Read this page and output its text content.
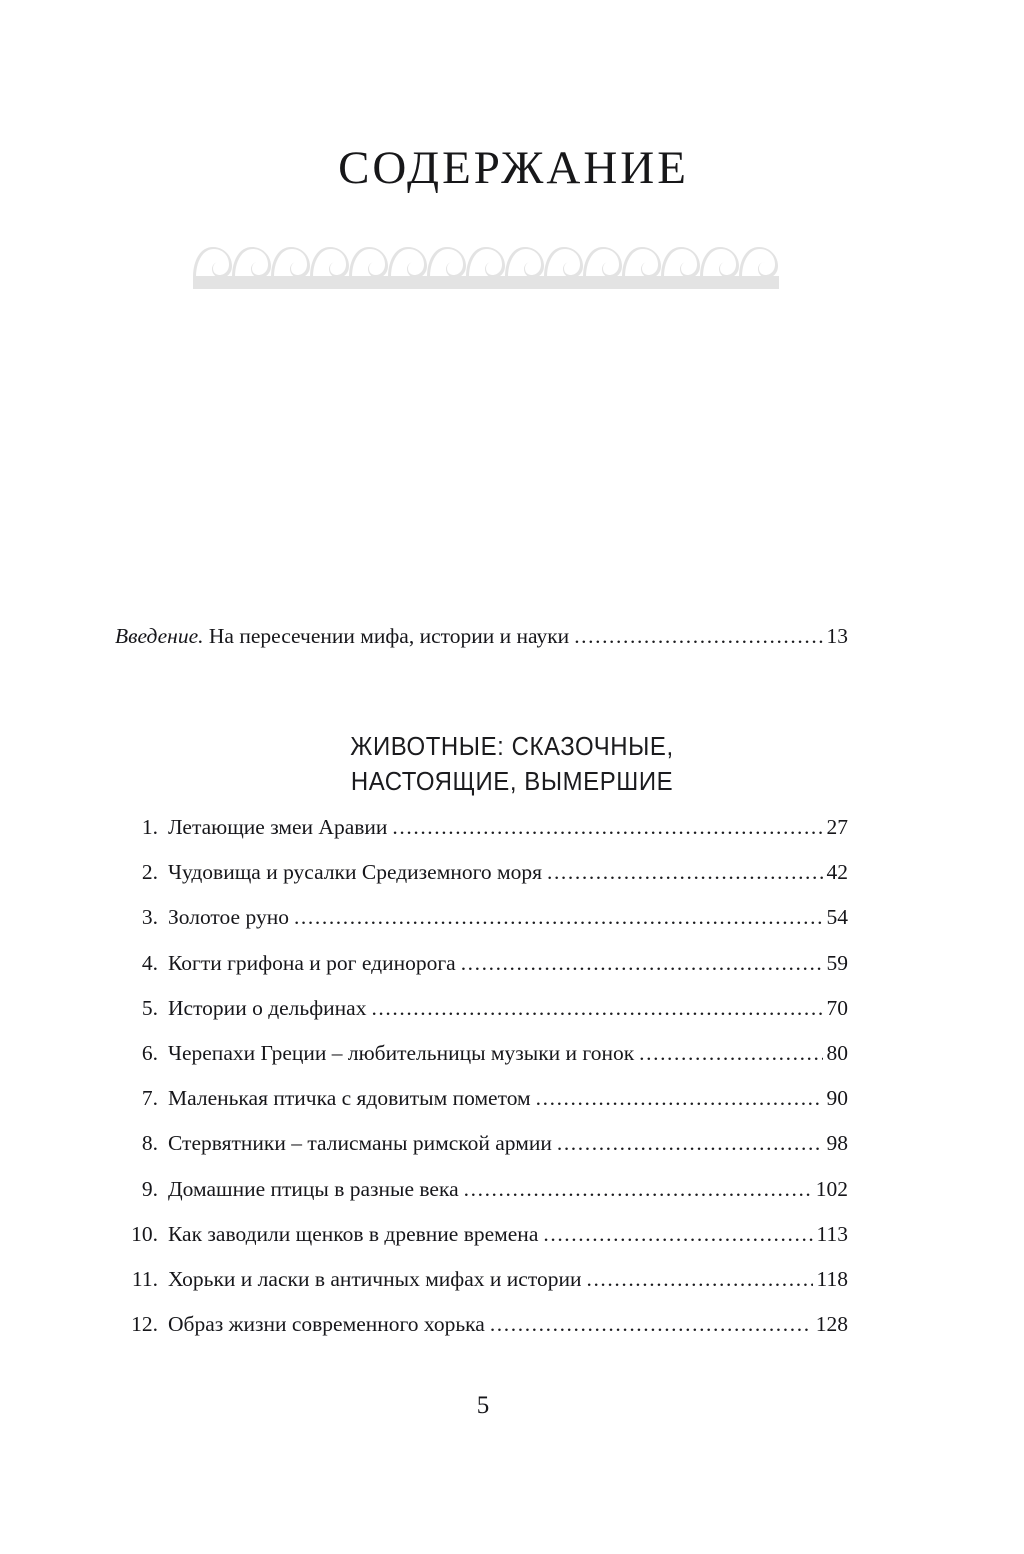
СОДЕРЖАНИЕ
Введение. На пересечении мифа, истории и науки .....	13
ЖИВОТНЫЕ: СКАЗОЧНЫЕ,
НАСТОЯЩИЕ, ВЫМЕРШИЕ
1. Летающие змеи Аравии .....	27
2. Чудовища и русалки Средиземного моря .....	42
3. Золотое руно .....	54
4. Когти грифона и рог единорога .....	59
5. Истории о дельфинах .....	70
6. Черепахи Греции – любительницы музыки и гонок .....	80
7. Маленькая птичка с ядовитым пометом .....	90
8. Стервятники – талисманы римской армии .....	98
9. Домашние птицы в разные века .....	102
10. Как заводили щенков в древние времена .....	113
11. Хорьки и ласки в античных мифах и истории .....	118
12. Образ жизни современного хорька .....	128
5
